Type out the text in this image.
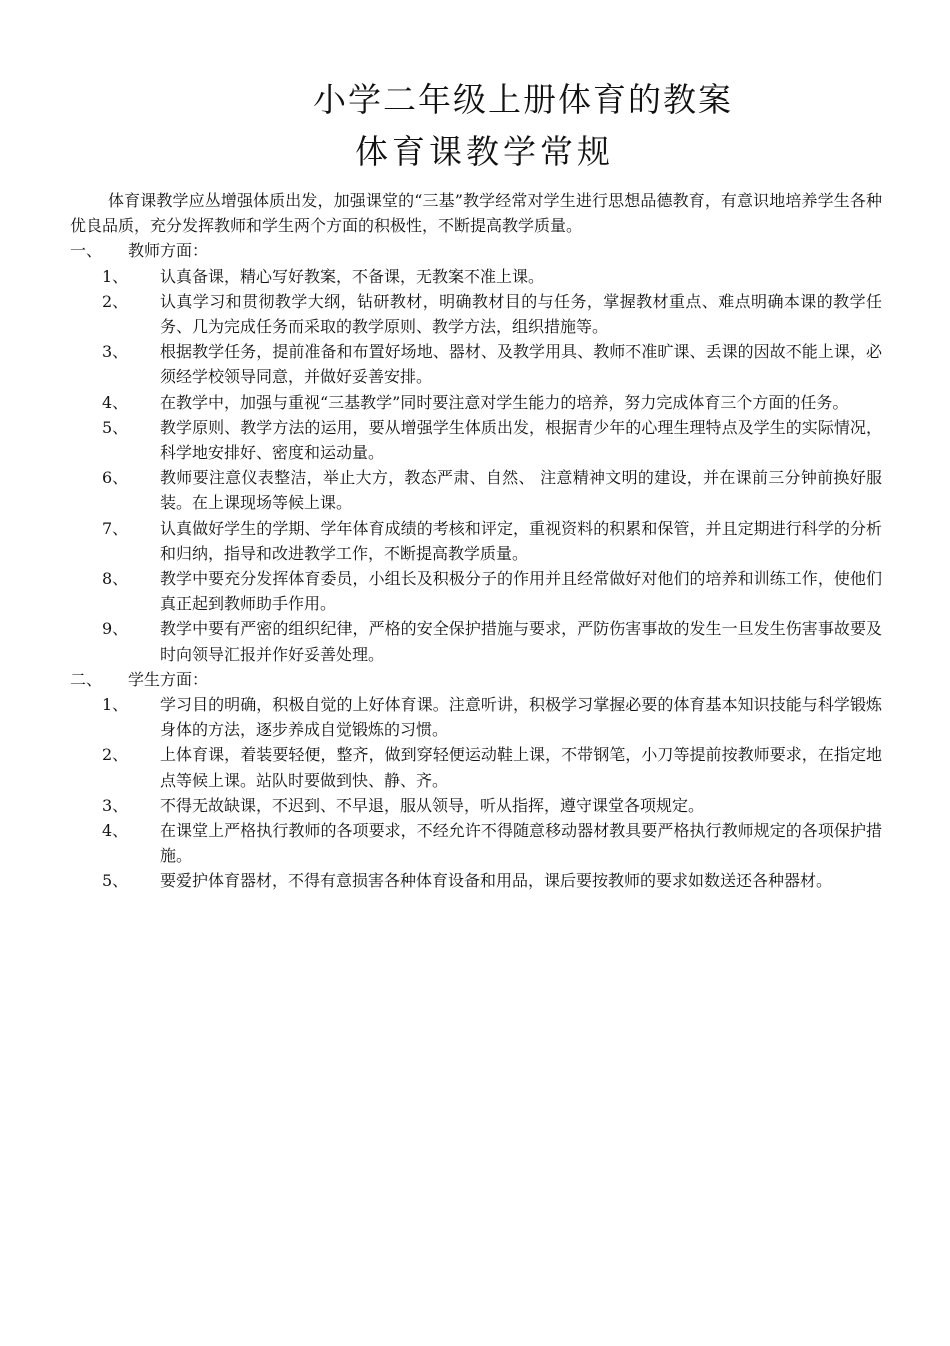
小学二年级上册体育的教案
体育课教学常规

体育课教学应丛增强体质出发，加强课堂的“三基”教学经常对学生进行思想品德教育，有意识地培养学生各种优良品质，充分发挥教师和学生两个方面的积极性，不断提高教学质量。

一、	教师方面：

1、	认真备课，精心写好教案，不备课，无教案不准上课。
2、	认真学习和贯彻教学大纲，钻研教材，明确教材目的与任务，掌握教材重点、难点明确本课的教学任务、几为完成任务而采取的教学原则、教学方法，组织措施等。
3、	根据教学任务，提前准备和布置好场地、器材、及教学用具、教师不准旷课、丢课的因故不能上课，必须经学校领导同意，并做好妥善安排。
4、	在教学中，加强与重视“三基教学”同时要注意对学生能力的培养，努力完成体育三个方面的任务。
5、	教学原则、教学方法的运用，要从增强学生体质出发，根据青少年的心理生理特点及学生的实际情况，科学地安排好、密度和运动量。
6、	教师要注意仪表整洁，举止大方，教态严肃、自然、 注意精神文明的建设，并在课前三分钟前换好服装。在上课现场等候上课。
7、	认真做好学生的学期、学年体育成绩的考核和评定，重视资料的积累和保管，并且定期进行科学的分析和归纳，指导和改进教学工作，不断提高教学质量。
8、	教学中要充分发挥体育委员，小组长及积极分子的作用并且经常做好对他们的培养和训练工作，使他们真正起到教师助手作用。
9、	教学中要有严密的组织纪律，严格的安全保护措施与要求，严防伤害事故的发生一旦发生伤害事故要及时向领导汇报并作好妥善处理。

二、	学生方面：

1、	学习目的明确，积极自觉的上好体育课。注意听讲，积极学习掌握必要的体育基本知识技能与科学锻炼身体的方法，逐步养成自觉锻炼的习惯。
2、	上体育课，着装要轻便，整齐，做到穿轻便运动鞋上课，不带钢笔，小刀等提前按教师要求，在指定地点等候上课。站队时要做到快、静、齐。
3、	不得无故缺课，不迟到、不早退，服从领导，听从指挥，遵守课堂各项规定。
4、	在课堂上严格执行教师的各项要求，不经允许不得随意移动器材教具要严格执行教师规定的各项保护措施。
5、	要爱护体育器材，不得有意损害各种体育设备和用品，课后要按教师的要求如数送还各种器材。
